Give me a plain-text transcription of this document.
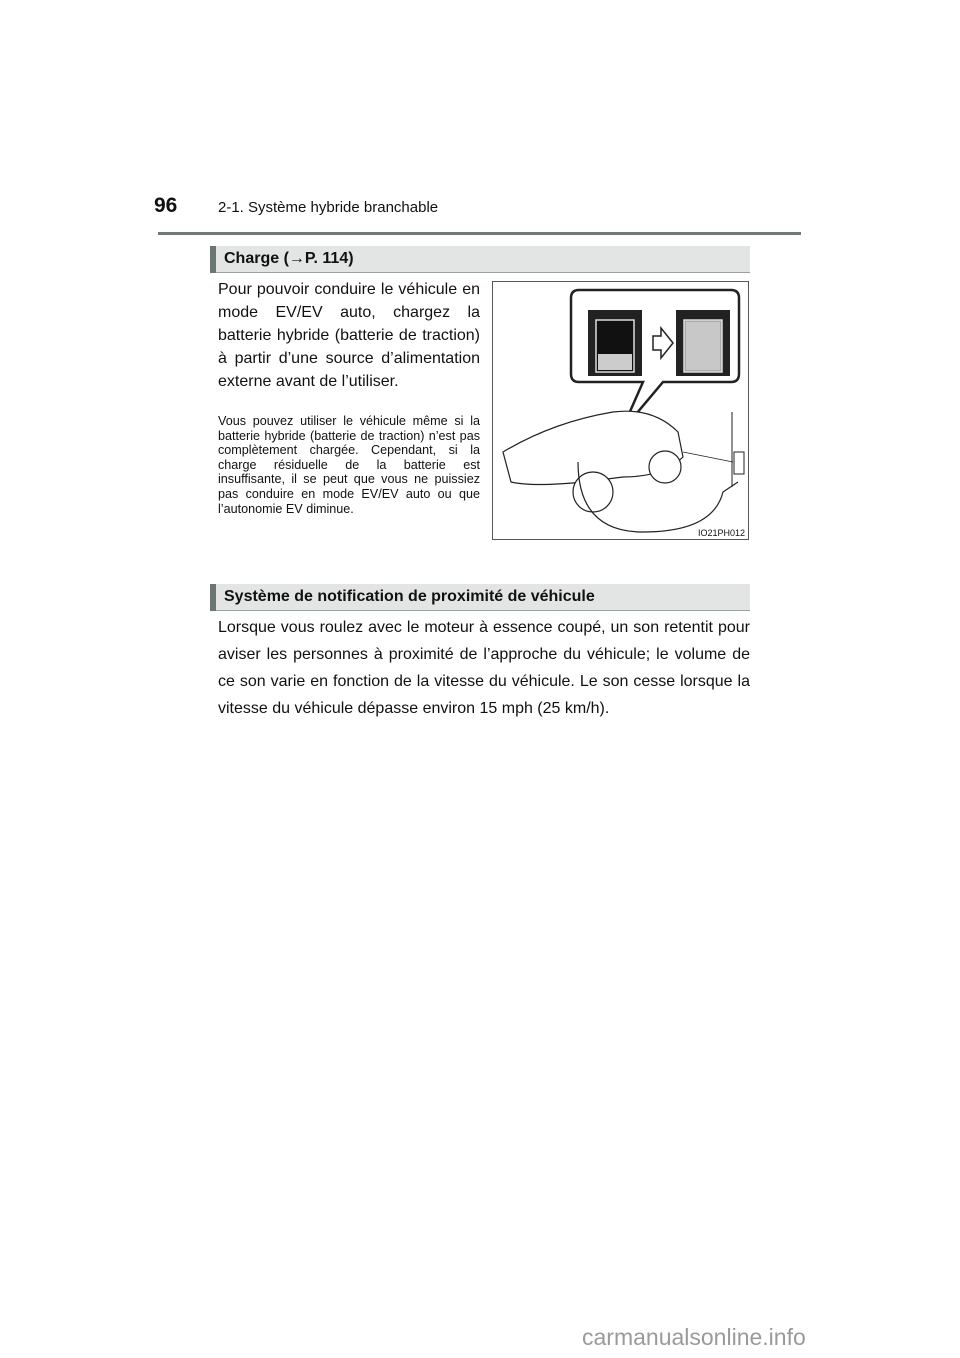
96	2-1. Système hybride branchable
Charge (→P. 114)
Pour pouvoir conduire le véhicule en mode EV/EV auto, chargez la batterie hybride (batterie de traction) à partir d’une source d’alimentation externe avant de l’utiliser.
Vous pouvez utiliser le véhicule même si la batterie hybride (batterie de traction) n’est pas complètement chargée. Cependant, si la charge résiduelle de la batterie est insuffisante, il se peut que vous ne puissiez pas conduire en mode EV/EV auto ou que l’autonomie EV diminue.
IO21PH012
Système de notification de proximité de véhicule
Lorsque vous roulez avec le moteur à essence coupé, un son retentit pour aviser les personnes à proximité de l’approche du véhicule; le volume de ce son varie en fonction de la vitesse du véhicule. Le son cesse lorsque la vitesse du véhicule dépasse environ 15 mph (25 km/h).
carmanualsonline.info
